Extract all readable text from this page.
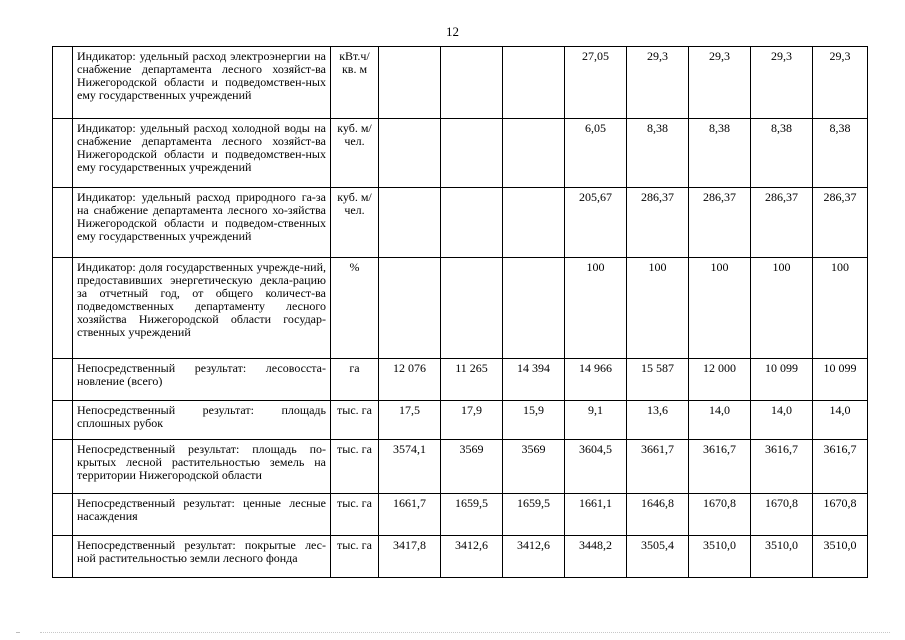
12
	Индикатор: удельный расход электроэнергии на снабжение департамента лесного хозяйст-ва Нижегородской области и подведомствен-ных ему государственных учреждений	кВт.ч/ кв. м				27,05	29,3	29,3	29,3	29,3
	Индикатор: удельный расход холодной воды на снабжение департамента лесного хозяйст-ва Нижегородской области и подведомствен-ных ему государственных учреждений	куб. м/чел.				6,05	8,38	8,38	8,38	8,38
	Индикатор: удельный расход природного га-за на снабжение департамента лесного хо-зяйства Нижегородской области и подведом-ственных ему государственных учреждений	куб. м/чел.				205,67	286,37	286,37	286,37	286,37
	Индикатор: доля государственных учрежде-ний, предоставивших энергетическую декла-рацию за отчетный год, от общего количест-ва подведомственных департаменту лесного хозяйства Нижегородской области государ-ственных учреждений	%				100	100	100	100	100
	Непосредственный результат: лесовосста-новление (всего)	га	12 076	11 265	14 394	14 966	15 587	12 000	10 099	10 099
	Непосредственный результат: площадь сплошных рубок	тыс. га	17,5	17,9	15,9	9,1	13,6	14,0	14,0	14,0
	Непосредственный результат: площадь по-крытых лесной растительностью земель на территории Нижегородской области	тыс. га	3574,1	3569	3569	3604,5	3661,7	3616,7	3616,7	3616,7
	Непосредственный результат: ценные лесные насаждения	тыс. га	1661,7	1659,5	1659,5	1661,1	1646,8	1670,8	1670,8	1670,8
	Непосредственный результат: покрытые лес-ной растительностью земли лесного фонда	тыс. га	3417,8	3412,6	3412,6	3448,2	3505,4	3510,0	3510,0	3510,0
